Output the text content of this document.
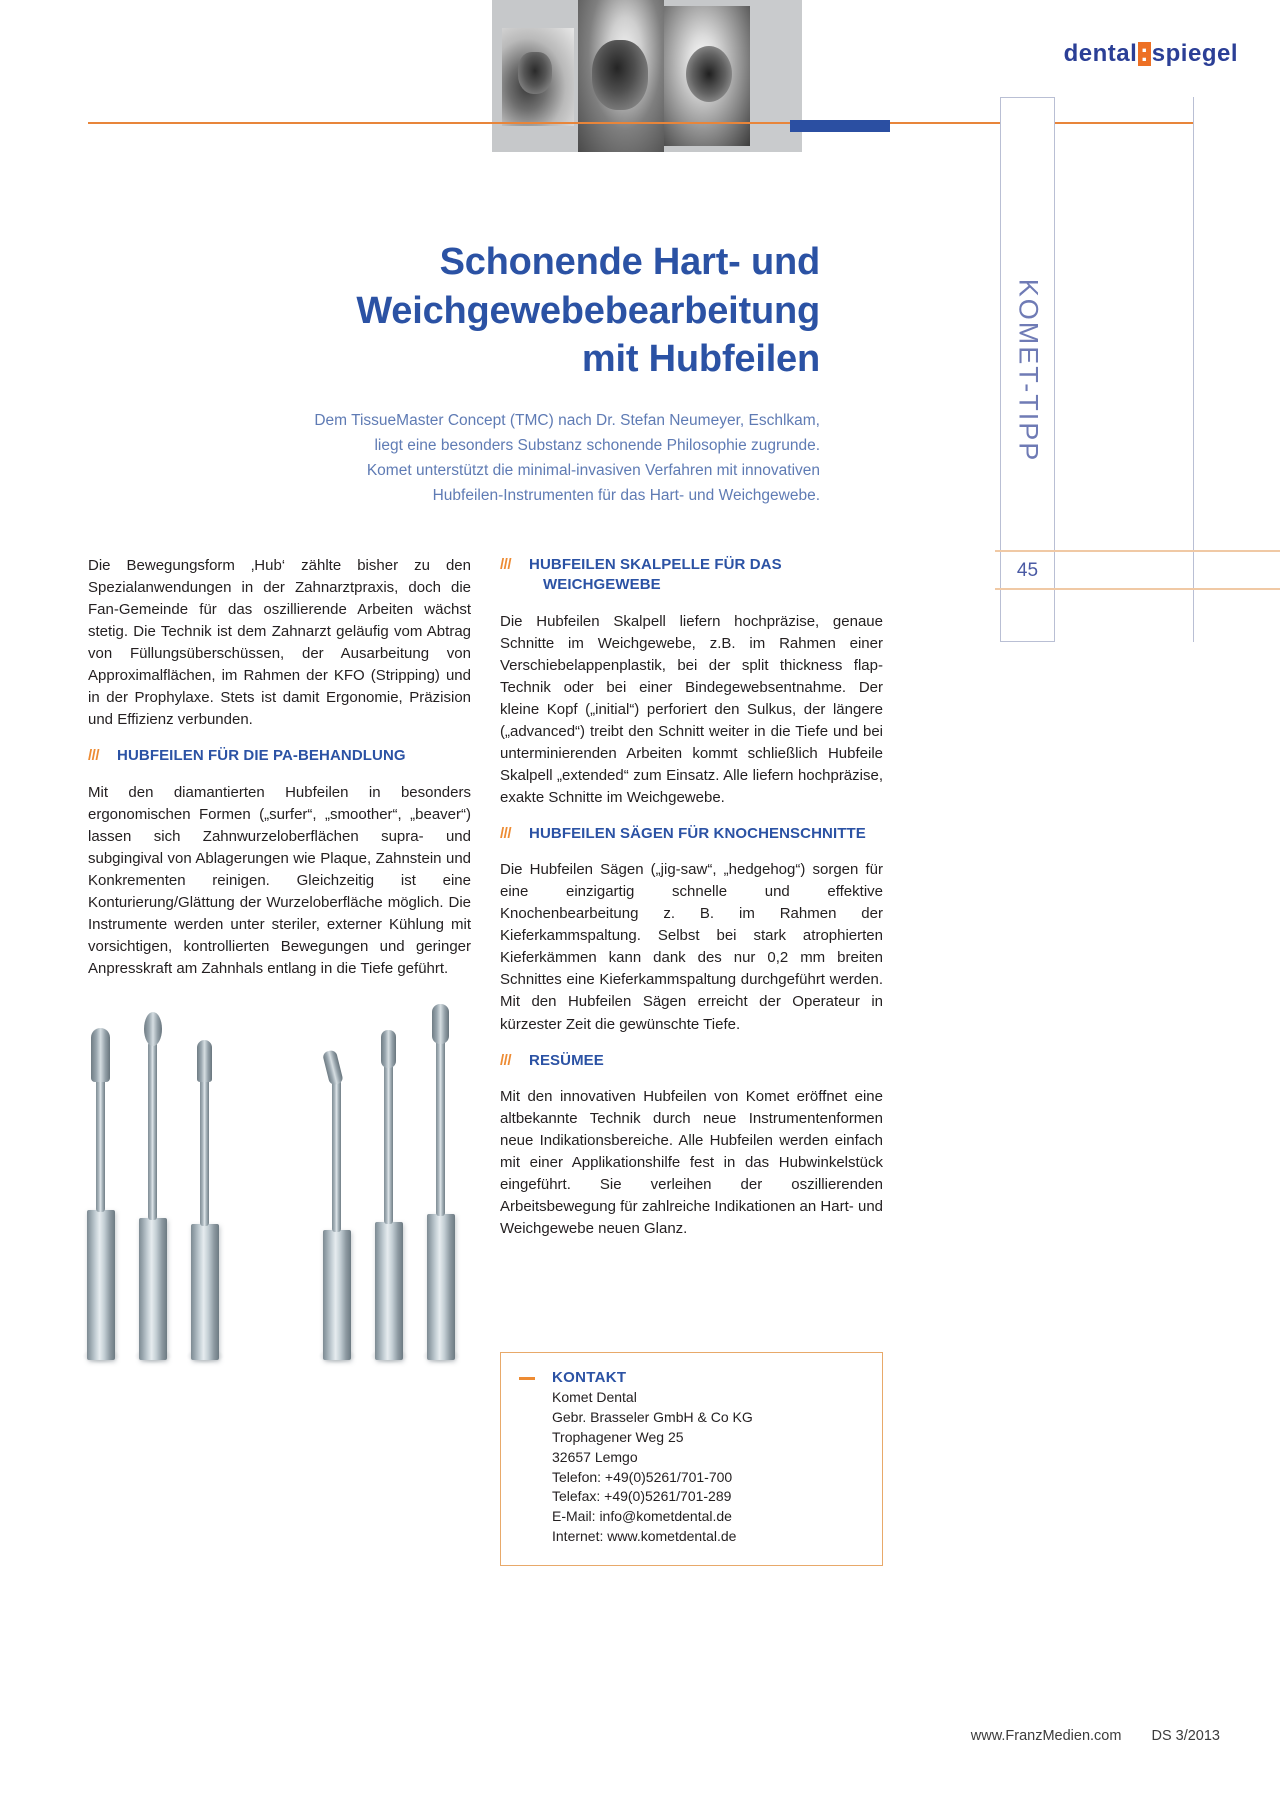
dental : spiegel
KOMET-TIPP
45
Schonende Hart- und
Weichgewebebearbeitung
mit Hubfeilen
Dem TissueMaster Concept (TMC) nach Dr. Stefan Neumeyer, Eschlkam,
liegt eine besonders Substanz schonende Philosophie zugrunde.
Komet unterstützt die minimal-invasiven Verfahren mit innovativen
Hubfeilen-Instrumenten für das Hart- und Weichgewebe.

Die Bewegungsform ‚Hub‘ zählte bisher zu den Spezialanwendungen in der Zahnarztpraxis, doch die Fan-Gemeinde für das oszillierende Arbeiten wächst stetig. Die Technik ist dem Zahnarzt geläufig vom Abtrag von Füllungsüberschüssen, der Ausarbeitung von Approximalflächen, im Rahmen der KFO (Stripping) und in der Prophylaxe. Stets ist damit Ergonomie, Präzision und Effizienz verbunden.

/// HUBFEILEN FÜR DIE PA-BEHANDLUNG

Mit den diamantierten Hubfeilen in besonders ergonomischen Formen („surfer“, „smoother“, „beaver“) lassen sich Zahnwurzeloberflächen supra- und subgingival von Ablagerungen wie Plaque, Zahnstein und Konkrementen reinigen. Gleichzeitig ist eine Konturierung/Glättung der Wurzeloberfläche möglich. Die Instrumente werden unter steriler, externer Kühlung mit vorsichtigen, kontrollierten Bewegungen und geringer Anpresskraft am Zahnhals entlang in die Tiefe geführt.

/// HUBFEILEN SKALPELLE FÜR DAS
WEICHGEWEBE

Die Hubfeilen Skalpell liefern hochpräzise, genaue Schnitte im Weichgewebe, z.B. im Rahmen einer Verschiebelappenplastik, bei der split thickness flap-Technik oder bei einer Bindegewebsentnahme. Der kleine Kopf („initial“) perforiert den Sulkus, der längere („advanced“) treibt den Schnitt weiter in die Tiefe und bei unterminierenden Arbeiten kommt schließlich Hubfeile Skalpell „extended“ zum Einsatz. Alle liefern hochpräzise, exakte Schnitte im Weichgewebe.

/// HUBFEILEN SÄGEN FÜR KNOCHENSCHNITTE

Die Hubfeilen Sägen („jig-saw“, „hedgehog“) sorgen für eine einzigartig schnelle und effektive Knochenbearbeitung z. B. im Rahmen der Kieferkammspaltung. Selbst bei stark atrophierten Kieferkämmen kann dank des nur 0,2 mm breiten Schnittes eine Kieferkammspaltung durchgeführt werden. Mit den Hubfeilen Sägen erreicht der Operateur in kürzester Zeit die gewünschte Tiefe.

/// RESÜMEE

Mit den innovativen Hubfeilen von Komet eröffnet eine altbekannte Technik durch neue Instrumentenformen neue Indikationsbereiche. Alle Hubfeilen werden einfach mit einer Applikationshilfe fest in das Hubwinkelstück eingeführt. Sie verleihen der oszillierenden Arbeitsbewegung für zahlreiche Indikationen an Hart- und Weichgewebe neuen Glanz.

KONTAKT
Komet Dental
Gebr. Brasseler GmbH & Co KG
Trophagener Weg 25
32657 Lemgo
Telefon: +49(0)5261/701-700
Telefax: +49(0)5261/701-289
E-Mail: info@kometdental.de
Internet: www.kometdental.de
www.FranzMedien.com DS 3/2013
